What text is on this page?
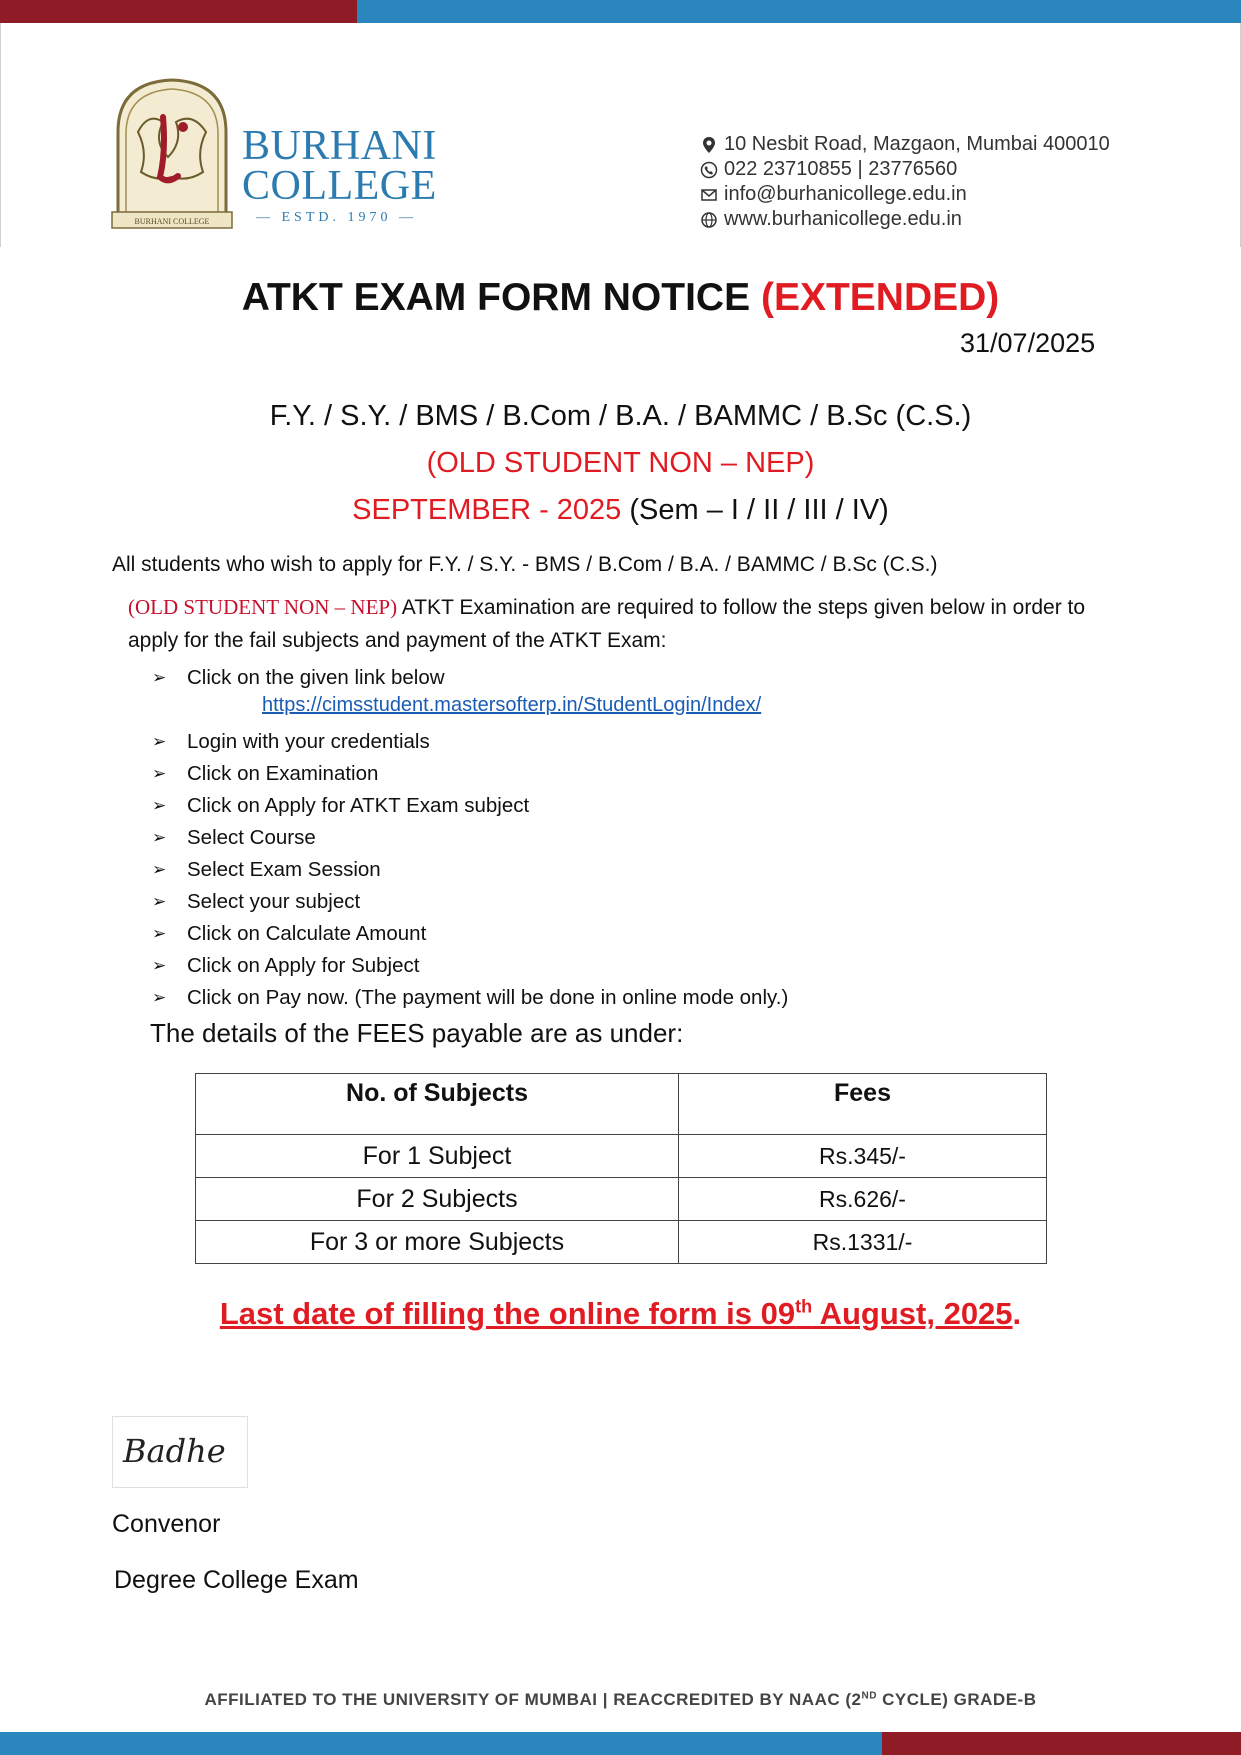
BURHANI COLLEGE
BURHANI
COLLEGE
— ESTD. 1970 —
10 Nesbit Road, Mazgaon, Mumbai 400010
022 23710855 | 23776560
info@burhanicollege.edu.in
www.burhanicollege.edu.in
ATKT EXAM FORM NOTICE (EXTENDED)
31/07/2025
F.Y. / S.Y. / BMS / B.Com / B.A. / BAMMC / B.Sc (C.S.)
(OLD STUDENT NON – NEP)
SEPTEMBER - 2025 (Sem – I / II / III / IV)
All students who wish to apply for F.Y. / S.Y. - BMS / B.Com / B.A. / BAMMC / B.Sc (C.S.)
(OLD STUDENT NON – NEP) ATKT Examination are required to follow the steps given below in order to apply for the fail subjects and payment of the ATKT Exam:
➢	Click on the given link below
➢	Login with your credentials
➢	Click on Examination
➢	Click on Apply for ATKT Exam subject
➢	Select Course
➢	Select Exam Session
➢	Select your subject
➢	Click on Calculate Amount
➢	Click on Apply for Subject
➢	Click on Pay now. (The payment will be done in online mode only.)
https://cimsstudent.mastersofterp.in/StudentLogin/Index/
The details of the FEES payable are as under:
No. of Subjects	Fees
For 1 Subject	Rs.345/-
For 2 Subjects	Rs.626/-
For 3 or more Subjects	Rs.1331/-
Last date of filling the online form is 09th August, 2025.
Badhe
Convenor
Degree College Exam
AFFILIATED TO THE UNIVERSITY OF MUMBAI | REACCREDITED BY NAAC (2ND CYCLE) GRADE-B
